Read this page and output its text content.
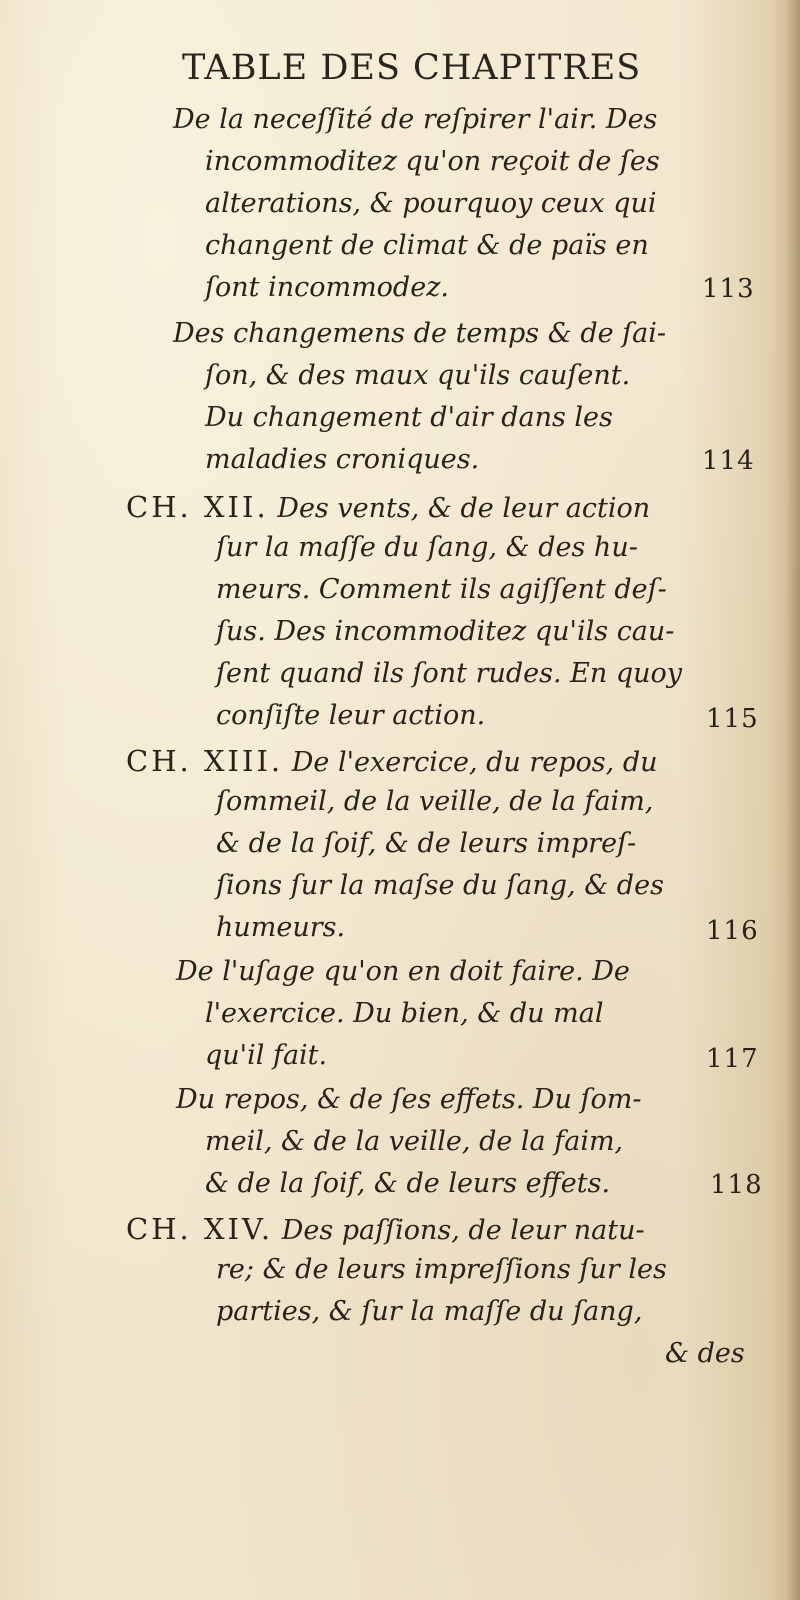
TABLE DES CHAPITRES
De la neceſſité de reſpirer l'air. Des
incommoditez qu'on reçoit de ſes
alterations, & pourquoy ceux qui
changent de climat & de païs en
ſont incommodez.	113
Des changemens de temps & de ſai-
ſon, & des maux qu'ils cauſent.
Du changement d'air dans les
maladies croniques.	114
CH. XII. Des vents, & de leur action
ſur la maſſe du ſang, & des hu-
meurs. Comment ils agiſſent deſ-
ſus. Des incommoditez qu'ils cau-
ſent quand ils ſont rudes. En quoy
conſiſte leur action.	115
CH. XIII. De l'exercice, du repos, du
ſommeil, de la veille, de la faim,
& de la ſoif, & de leurs impreſ-
ſions ſur la maſse du ſang, & des
humeurs.	116
De l'uſage qu'on en doit faire. De
l'exercice. Du bien, & du mal
qu'il fait.	117
Du repos, & de ſes effets. Du ſom-
meil, & de la veille, de la faim,
& de la ſoif, & de leurs effets.	118
CH. XIV. Des paſſions, de leur natu-
re; & de leurs impreſſions ſur les
parties, & ſur la maſſe du ſang,
& des
